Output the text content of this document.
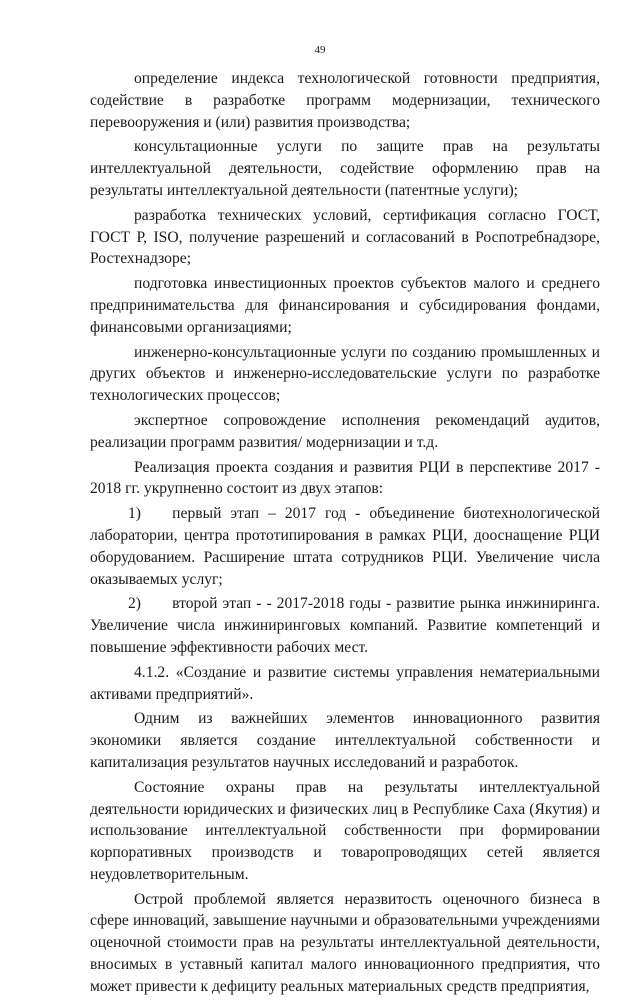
49

определение индекса технологической готовности предприятия, содействие в разработке программ модернизации, технического перевооружения и (или) развития производства;

консультационные услуги по защите прав на результаты интеллектуальной деятельности, содействие оформлению прав на результаты интеллектуальной деятельности (патентные услуги);

разработка технических условий, сертификация согласно ГОСТ, ГОСТ Р, ISO, получение разрешений и согласований в Роспотребнадзоре, Ростехнадзоре;

подготовка инвестиционных проектов субъектов малого и среднего предпринимательства для финансирования и субсидирования фондами, финансовыми организациями;

инженерно-консультационные услуги по созданию промышленных и других объектов и инженерно-исследовательские услуги по разработке технологических процессов;

экспертное сопровождение исполнения рекомендаций аудитов, реализации программ развития/ модернизации и т.д.

Реализация проекта создания и развития РЦИ в перспективе 2017 - 2018 гг. укрупненно состоит из двух этапов:

1)  первый этап – 2017 год - объединение биотехнологической лаборатории, центра прототипирования в рамках РЦИ, дооснащение РЦИ оборудованием. Расширение штата сотрудников РЦИ. Увеличение числа оказываемых услуг;

2)  второй этап - - 2017-2018 годы - развитие рынка инжиниринга. Увеличение числа инжиниринговых компаний. Развитие компетенций и повышение эффективности рабочих мест.

4.1.2. «Создание и развитие системы управления нематериальными активами предприятий».

Одним из важнейших элементов инновационного развития экономики является создание интеллектуальной собственности и капитализация результатов научных исследований и разработок.

Состояние охраны прав на результаты интеллектуальной деятельности юридических и физических лиц в Республике Саха (Якутия) и использование интеллектуальной собственности при формировании корпоративных производств и товаропроводящих сетей является неудовлетворительным.

Острой проблемой является неразвитость оценочного бизнеса в сфере инноваций, завышение научными и образовательными учреждениями оценочной стоимости прав на результаты интеллектуальной деятельности, вносимых в уставный капитал малого инновационного предприятия, что может привести к дефициту реальных материальных средств предприятия,
